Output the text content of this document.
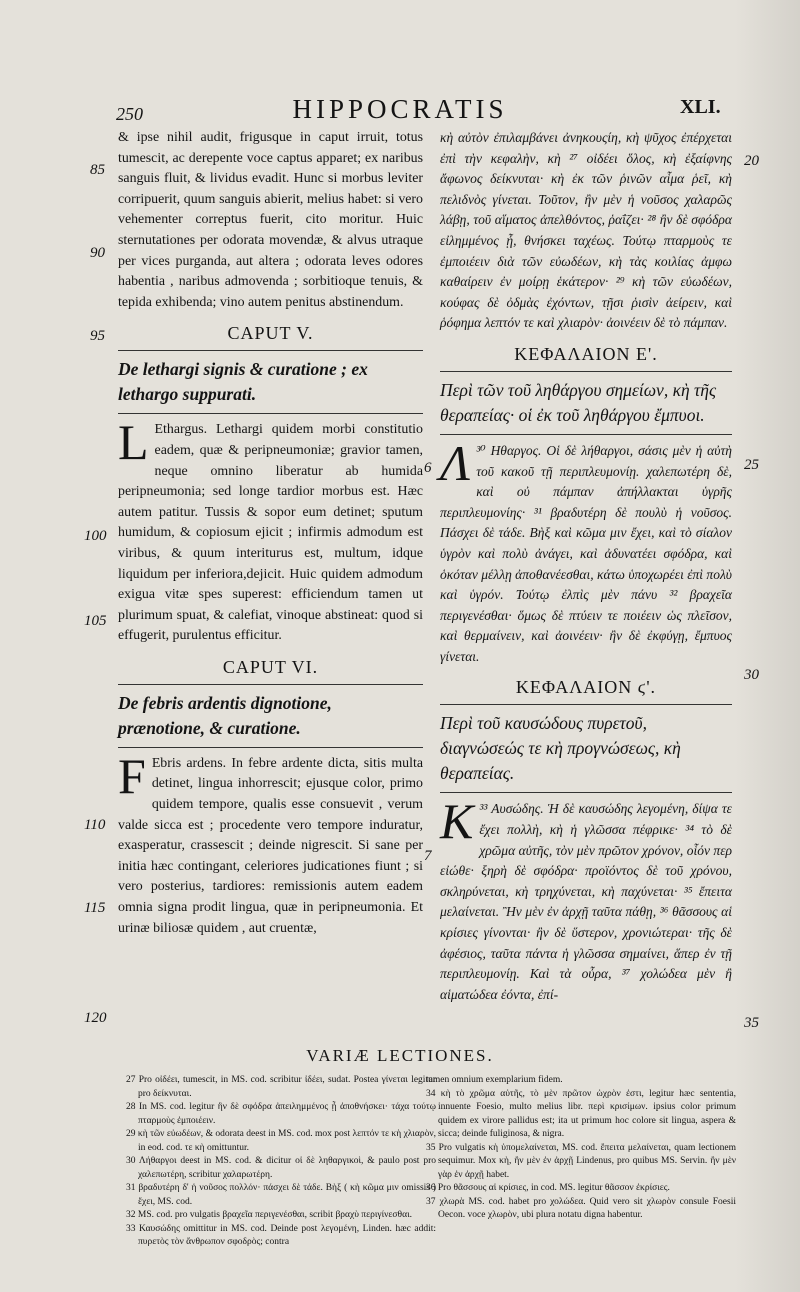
250	HIPPOCRATIS	XLI.

& ipse nihil audit, frigusque in caput irruit, totus tumescit, ac derepente voce captus apparet; ex naribus sanguis fluit, & lividus evadit. Hunc si morbus leviter corripuerit, quum sanguis abierit, melius habet: si vero vehementer correptus fuerit, cito moritur. Huic sternutationes per odorata movendæ, & alvus utraque per vices purganda, aut altera ; odorata leves odores habentia , naribus admovenda ; sorbitioque tenuis, & tepida exhibenda; vino autem penitus abstinendum.

CAPUT V.
De lethargi signis & curatione ; ex lethargo suppurati.

L Ethargus. Lethargi quidem morbi constitutio eadem, quæ & peripneumoniæ; gravior tamen, neque omnino liberatur ab humida peripneumonia; sed longe tardior morbus est. Hæc autem patitur. Tussis & sopor eum detinet; sputum humidum, & copiosum ejicit ; infirmis admodum est viribus, & quum interiturus est, multum, idque liquidum per inferiora,dejicit. Huic quidem admodum exigua vitæ spes superest: efficiendum tamen ut plurimum spuat, & calefiat, vinoque abstineat: quod si effugerit, purulentus efficitur.

CAPUT VI.
De febris ardentis dignotione, prænotione, & curatione.

F Ebris ardens. In febre ardente dicta, sitis multa detinet, lingua inhorrescit; ejusque color, primo quidem tempore, qualis esse consuevit , verum valde sicca est ; procedente vero tempore induratur, exasperatur, crassescit ; deinde nigrescit. Si sane per initia hæc contingant, celeriores judicationes fiunt ; si vero posterius, tardiores: remissionis autem eadem omnia signa prodit lingua, quæ in peripneumonia. Et urinæ biliosæ quidem , aut cruentæ,

κὴ αὐτὸν ἐπιλαμβάνει ἀνηκουςίη, κὴ ψῦχος ἐπέρχεται ἐπὶ τὴν κεφαλὴν, κὴ ²⁷ οἰδέει ὅλος, κὴ ἐξαίφνης ἄφωνος δείκνυται· κὴ ἐκ τῶν ῥινῶν αἷμα ῥεῖ, κὴ πελιδνὸς γίνεται. Τοῦτον, ἢν μὲν ἡ νοῦσος χαλαρῶς λάβῃ, τοῦ αἵματος ἀπελθόντος, ῥαΐζει· ²⁸ ἢν δὲ σφόδρα εἰλημμένος ᾖ, θνήσκει ταχέως. Τούτῳ πταρμοὺς τε ἐμποιέειν διὰ τῶν εὐωδέων, κὴ τὰς κοιλίας ἀμφω καθαίρειν ἐν μοίρῃ ἑκάτερον· ²⁹ κὴ τῶν εὐωδέων, κούφας δὲ ὀδμὰς ἐχόντων, τῇσι ῥισὶν ἀείρειν, καὶ ῥόφημα λεπτόν τε καὶ χλιαρὸν· ἀοινέειν δὲ τὸ πάμπαν.

ΚΕΦΑΛΑΙΟΝ Ε'.
Περὶ τῶν τοῦ ληθάργου σημείων, κὴ τῆς θεραπείας· οἱ ἐκ τοῦ ληθάργου ἔμπυοι.

Λ ³⁰ Ηθαργος. Οἱ δὲ λήθαργοι, σάσις μὲν ἡ αὐτὴ τοῦ κακοῦ τῇ περιπλευμονίῃ. χαλεπωτέρη δὲ, καὶ οὐ πάμπαν ἀπήλλακται ὑγρῆς περιπλευμονίης· ³¹ βραδυτέρη δὲ πουλὺ ἡ νοῦσος. Πάσχει δὲ τάδε. Βὴξ καὶ κῶμα μιν ἔχει, καὶ τὸ σίαλον ὑγρὸν καὶ πολὺ ἀνάγει, καὶ ἀδυνατέει σφόδρα, καὶ ὁκόταν μέλλῃ ἀποθανέεσθαι, κάτω ὑποχωρέει ἐπὶ πολὺ καὶ ὑγρόν. Τούτῳ ἐλπὶς μὲν πάνυ ³² βραχεῖα περιγενέσθαι· ὅμως δὲ πτύειν τε ποιέειν ὡς πλεῖσον, καὶ θερμαίνειν, καὶ ἀοινέειν· ἢν δὲ ἐκφύγῃ, ἔμπυος γίνεται.

ΚΕΦΑΛΑΙΟΝ ϛ'.
Περὶ τοῦ καυσώδους πυρετοῦ, διαγνώσεώς τε κὴ προγνώσεως, κὴ θεραπείας.

Κ ³³ Αυσώδης. Ἡ δὲ καυσώδης λεγομένη, δίψα τε ἔχει πολλὴ, κὴ ἡ γλῶσσα πέφρικε· ³⁴ τὸ δὲ χρῶμα αὐτῆς, τὸν μὲν πρῶτον χρόνον, οἷόν περ εἰώθε· ξηρὴ δὲ σφόδρα· προϊόντος δὲ τοῦ χρόνου, σκληρύνεται, κὴ τρηχύνεται, κὴ παχύνεται· ³⁵ ἔπειτα μελαίνεται. Ἢν μὲν ἐν ἀρχῇ ταῦτα πάθῃ, ³⁶ θᾶσσους αἱ κρίσιες γίνονται· ἢν δὲ ὕστερον, χρονιώτεραι· τῆς δὲ ἀφέσιος, ταῦτα πάντα ἡ γλῶσσα σημαίνει, ἅπερ ἐν τῇ περιπλευμονίῃ. Καὶ τὰ οὖρα, ³⁷ χολώδεα μὲν ἢ αἱματώδεα ἐόντα, ἐπί-

85
90
95
100
105
110
115
120
6
7
20
25
30
35
VARIÆ LECTIONES.

27 Pro οἰδέει, tumescit, in MS. cod. scribitur ἰδέει, sudat. Postea γίνεται legitur pro δείκνυται.

28 In MS. cod. legitur ἢν δὲ σφόδρα ἀπειλημμένος ᾖ ἀποθνήσκει· τάχα τούτῳ πταρμοὺς ἐμποιέειν.

29 κὴ τῶν εὐωδέων, & odorata deest in MS. cod. mox post λεπτόν τε κὴ χλιαρὸν, in eod. cod. τε κὴ omittuntur.

30 Λήθαργοι deest in MS. cod. & dicitur οἱ δὲ ληθαργικοὶ, & paulo post pro χαλεπωτέρη, scribitur χαλαρωτέρη.

31 βραδυτέρη δ' ἡ νοῦσος πολλόν· πάσχει δὲ τάδε. Βὴξ ( κὴ κῶμα μιν omissis ) ἔχει, MS. cod.

32 MS. cod. pro vulgatis βραχεῖα περιγενέσθαι, scribit βραχὺ περιγίνεσθαι.

33 Καυσώδης omittitur in MS. cod. Deinde post λεγομένη, Linden. hæc addit: πυρετὸς τὸν ἄνθρωπον σφοδρὸς; contra

tamen omnium exemplarium fidem.

34 κὴ τὸ χρῶμα αὐτῆς, τὸ μὲν πρῶτον ὠχρὸν ἐστι, legitur hæc sententia, innuente Foesio, multo melius libr. περὶ κρισίμων. ipsius color primum quidem ex virore pallidus est; ita ut primum hoc colore sit lingua, aspera & sicca; deinde fuliginosa, & nigra.

35 Pro vulgatis κὴ ὑπομελαίνεται, MS. cod. ἔπειτα μελαίνεται, quam lectionem sequimur. Mox κὴ, ἢν μὲν ἐν ἀρχῇ Lindenus, pro quibus MS. Servin. ἢν μὲν γὰρ ἐν ἀρχῇ habet.

36 Pro θᾶσσους αἱ κρίσιες, in cod. MS. legitur θᾶσσον ἐκρίσιες.

37 χλωρὰ MS. cod. habet pro χολώδεα. Quid vero sit χλωρὸν consule Foesii Oecon. voce χλωρὸν, ubi plura notatu digna habentur.
